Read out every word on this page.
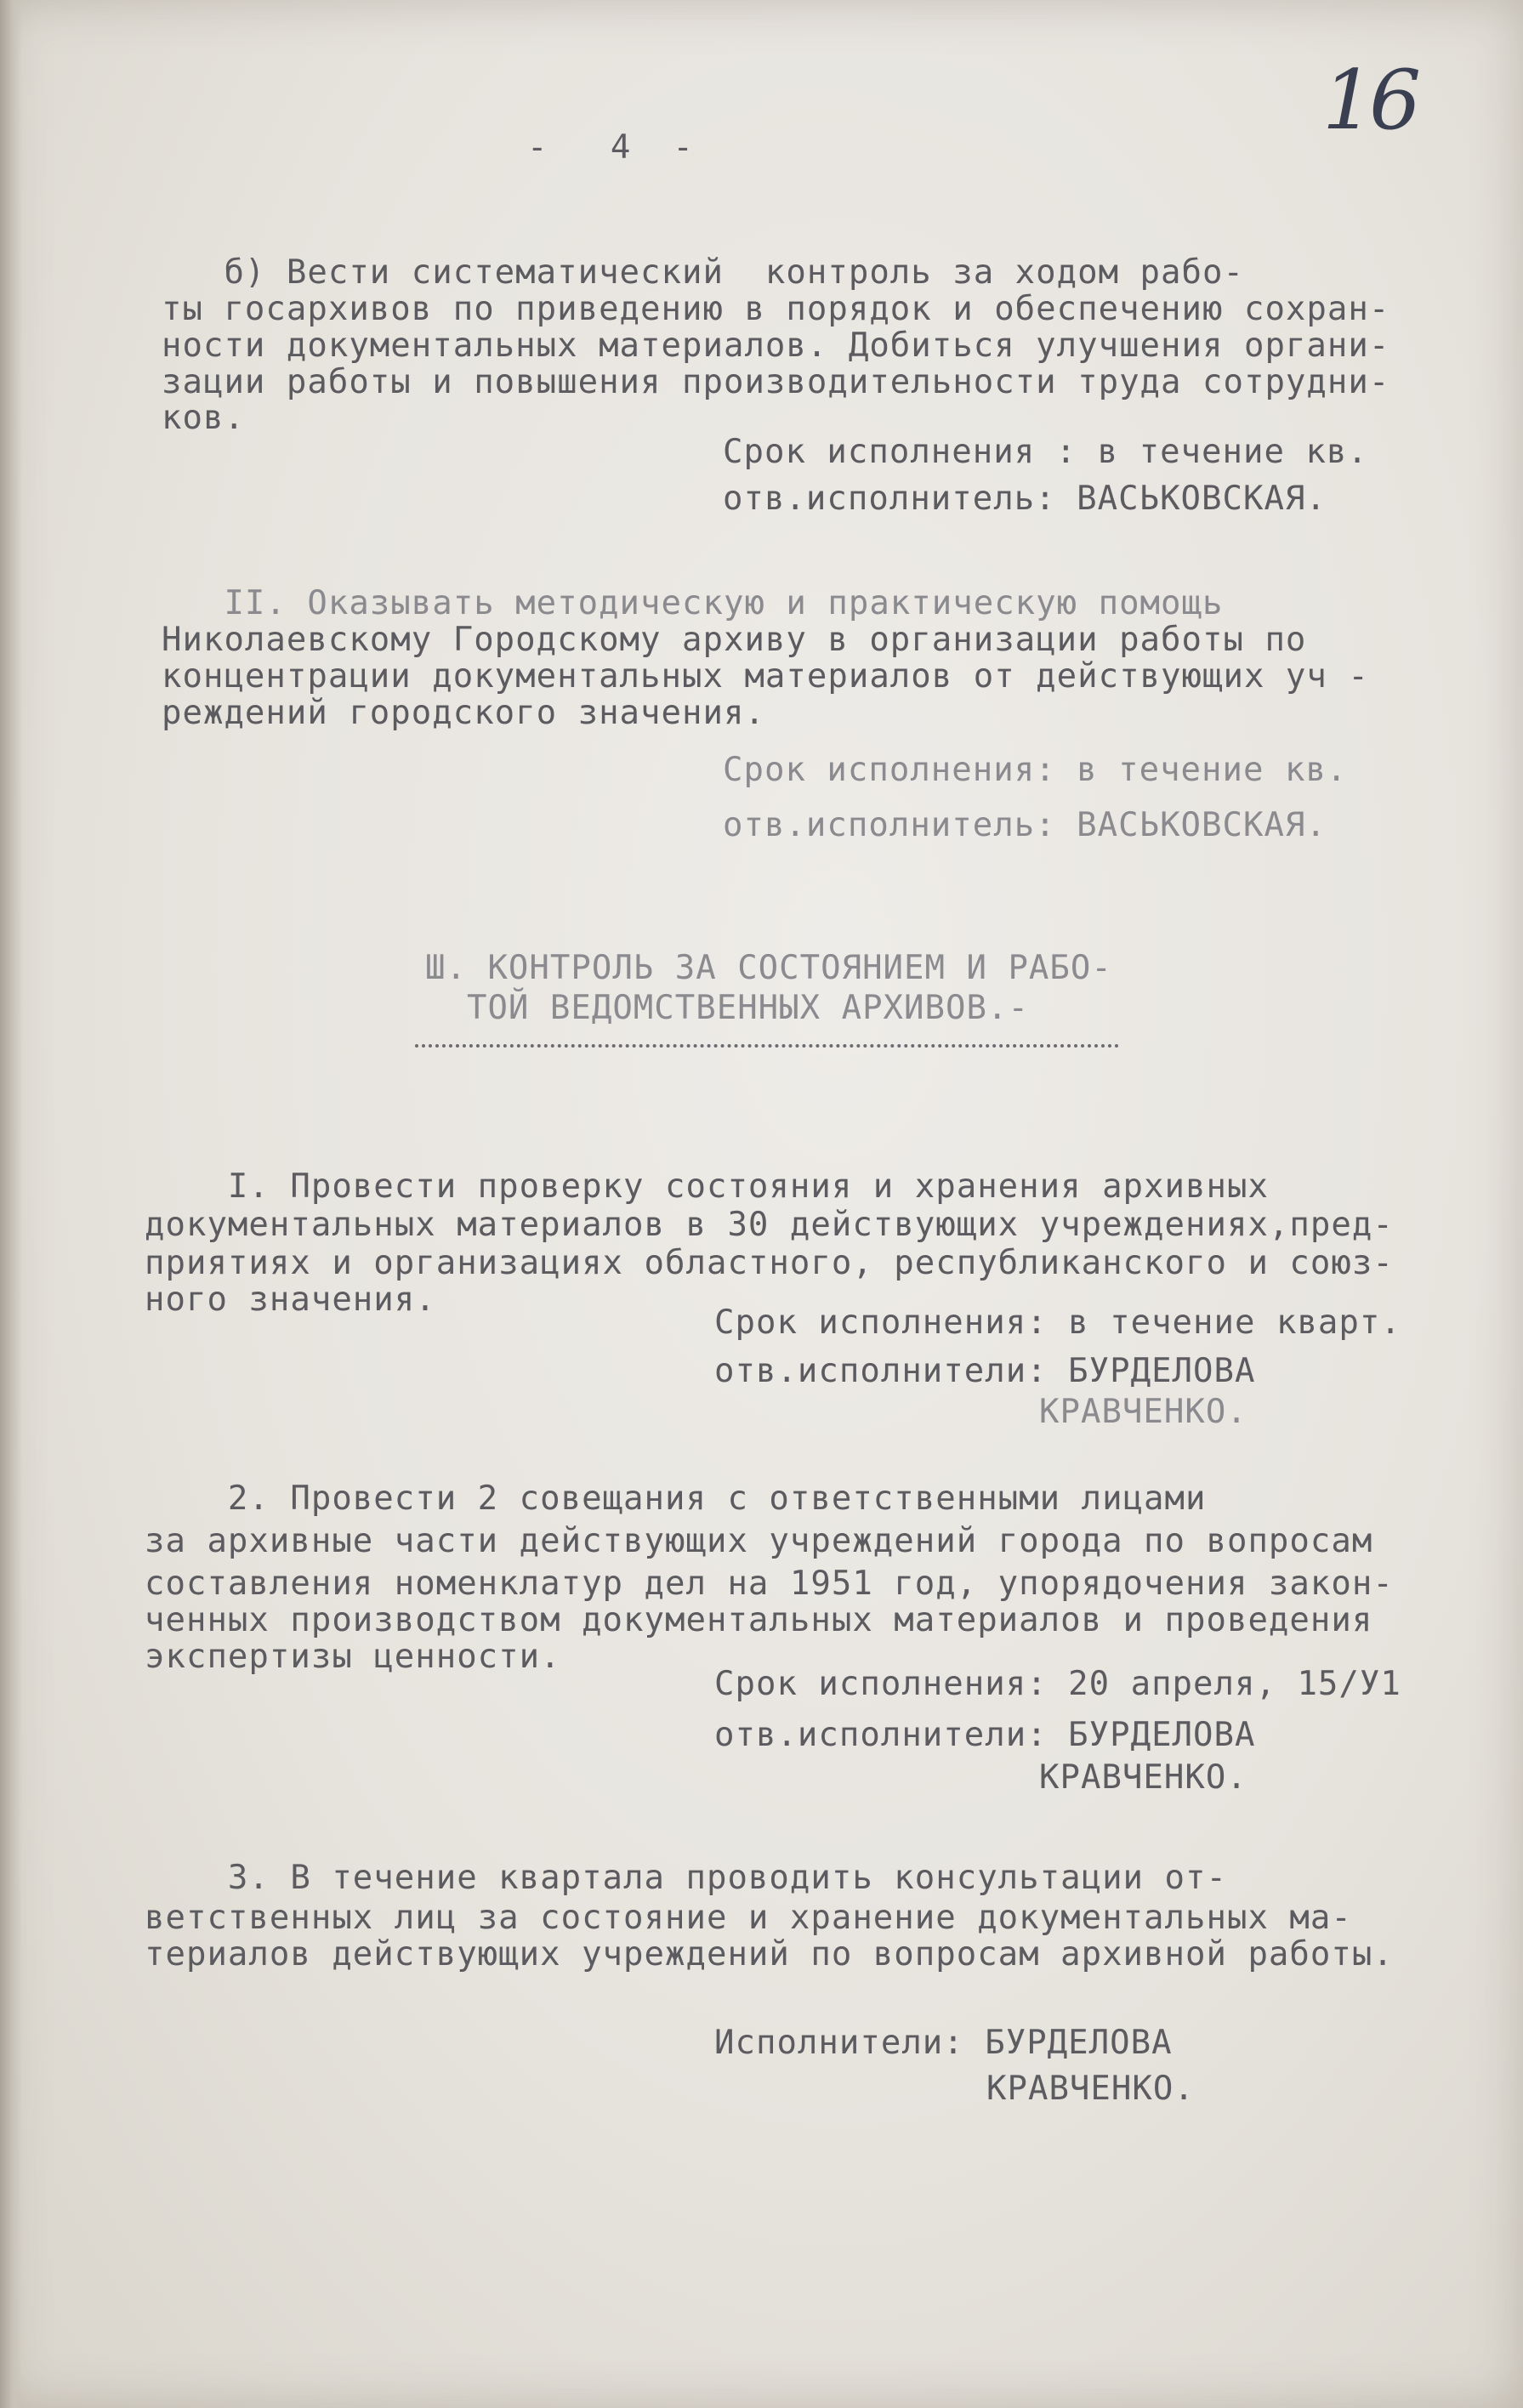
16

-   4  -

б) Вести систематический  контроль за ходом рабо-

ты госархивов по приведению в порядок и обеспечению сохран-

ности документальных материалов. Добиться улучшения органи-

зации работы и повышения производительности труда сотрудни-

ков.

Срок исполнения : в течение кв.

отв.исполнитель: ВАСЬКОВСКАЯ.

II. Оказывать методическую и практическую помощь

Николаевскому Городскому архиву в организации работы по

концентрации документальных материалов от действующих уч -

реждений городского значения.

Срок исполнения: в течение кв.

отв.исполнитель: ВАСЬКОВСКАЯ.

Ш. КОНТРОЛЬ ЗА СОСТОЯНИЕМ И РАБО-

ТОЙ ВЕДОМСТВЕННЫХ АРХИВОВ.-

I. Провести проверку состояния и хранения архивных

документальных материалов в 30 действующих учреждениях,пред-

приятиях и организациях областного, республиканского и союз-

ного значения.

Срок исполнения: в течение кварт.

отв.исполнители: БУРДЕЛОВА

КРАВЧЕНКО.

2. Провести 2 совещания с ответственными лицами

за архивные части действующих учреждений города по вопросам

составления номенклатур дел на 1951 год, упорядочения закон-

ченных производством документальных материалов и проведения

экспертизы ценности.

Срок исполнения: 20 апреля, 15/У1

отв.исполнители: БУРДЕЛОВА

КРАВЧЕНКО.

3. В течение квартала проводить консультации от-

ветственных лиц за состояние и хранение документальных ма-

териалов действующих учреждений по вопросам архивной работы.

Исполнители: БУРДЕЛОВА

КРАВЧЕНКО.
